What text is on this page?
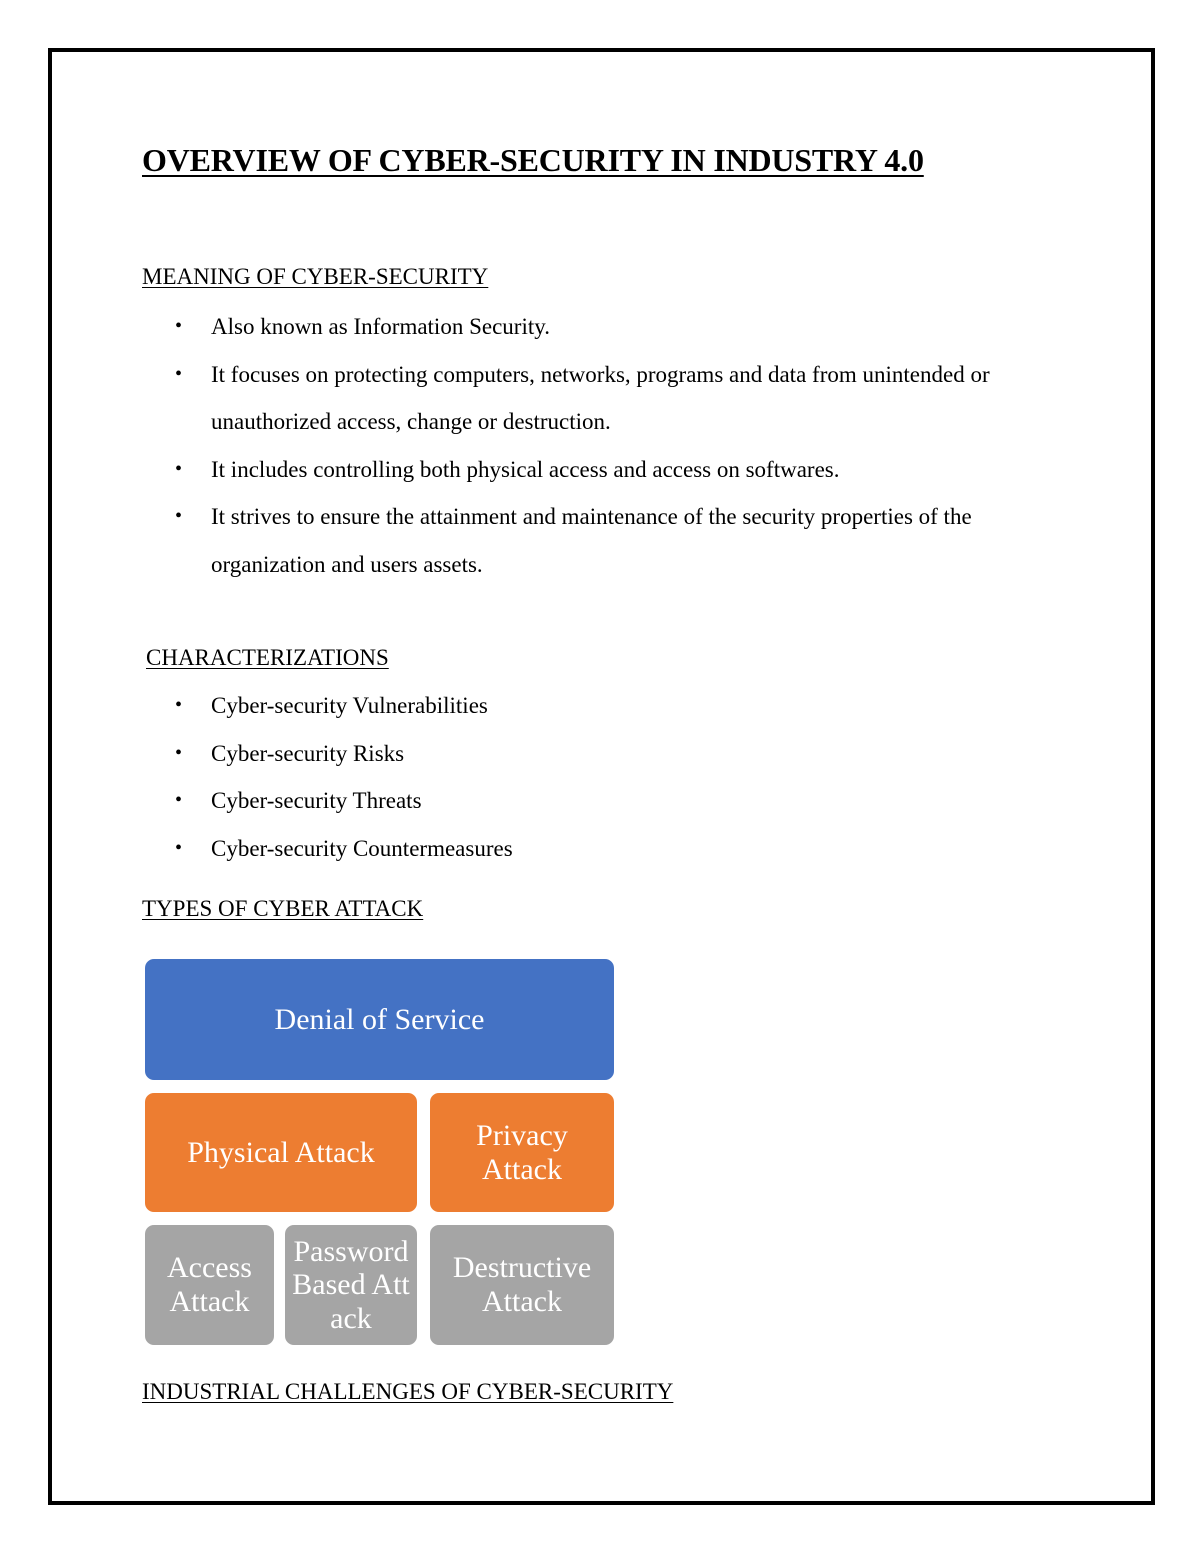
OVERVIEW OF CYBER-SECURITY IN INDUSTRY 4.0
MEANING OF CYBER-SECURITY
• Also known as Information Security.
• It focuses on protecting computers, networks, programs and data from unintended or unauthorized access, change or destruction.
• It includes controlling both physical access and access on softwares.
• It strives to ensure the attainment and maintenance of the security properties of the organization and users assets.
CHARACTERIZATIONS
• Cyber-security Vulnerabilities
• Cyber-security Risks
• Cyber-security Threats
• Cyber-security Countermeasures
TYPES OF CYBER ATTACK
Denial of Service
Physical Attack
Privacy Attack
Access Attack
Password Based Attack
Destructive Attack
INDUSTRIAL CHALLENGES OF CYBER-SECURITY
